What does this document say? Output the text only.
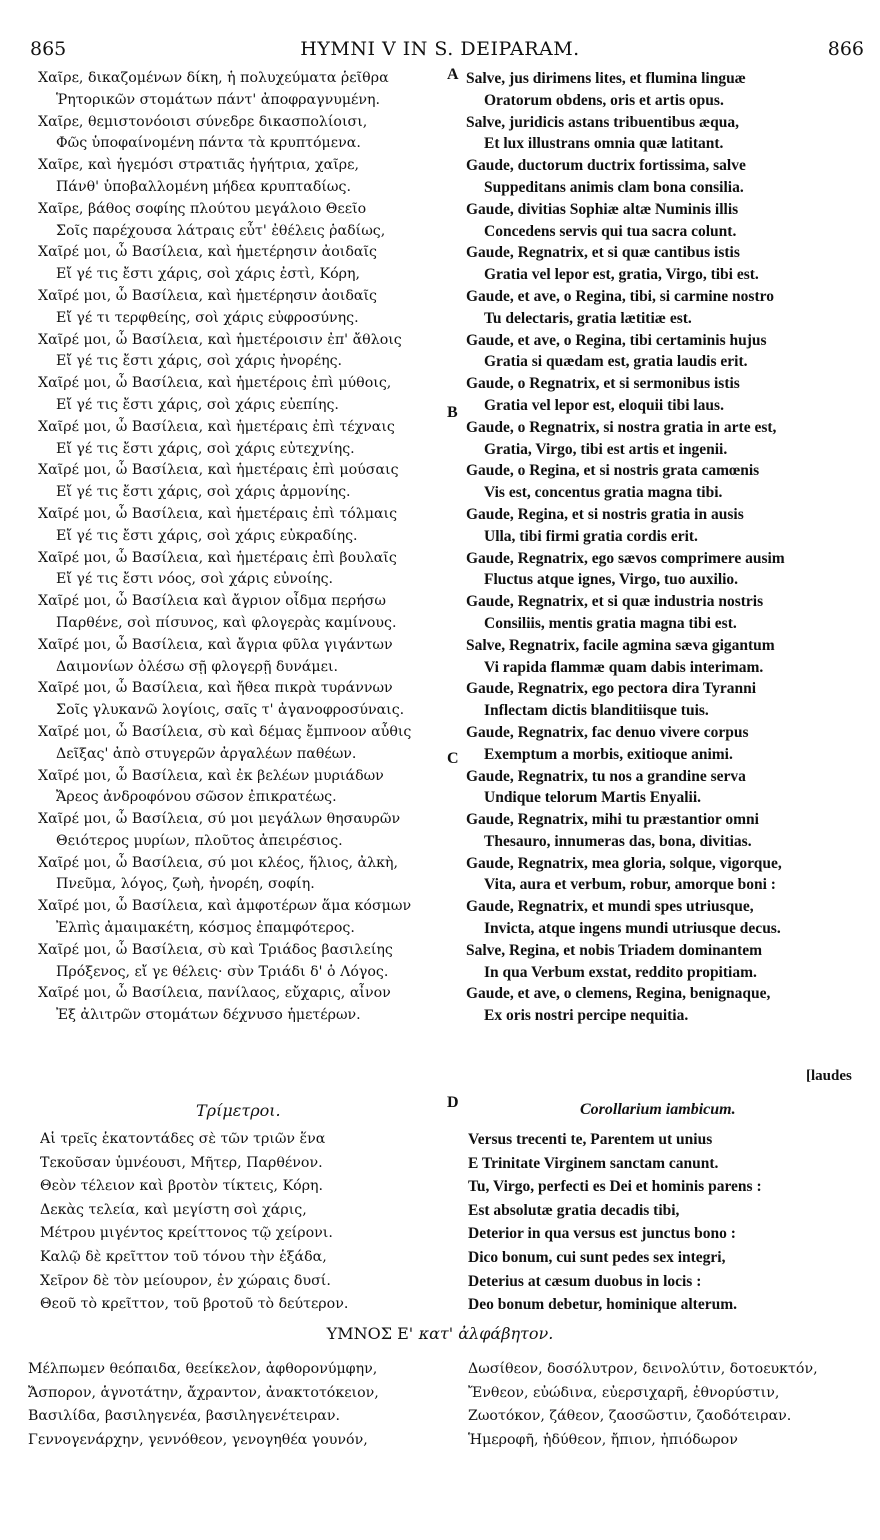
865	HYMNI V IN S. DEIPARAM.	866
Χαῖρε, δικαζομένων δίκη, ἡ πολυχεύματα ῥεῖθρα
Ῥητορικῶν στομάτων πάντ' ἀποφραγνυμένη.
Χαῖρε, θεμιστονόοισι σύνεδρε δικασπολίοισι,
Φῶς ὑποφαίνομένη πάντα τὰ κρυπτόμενα.
Χαῖρε, καὶ ἡγεμόσι στρατιᾶς ἡγήτρια, χαῖρε,
Πάνθ' ὑποβαλλομένη μήδεα κρυπταδίως.
Χαῖρε, βάθος σοφίης πλούτου μεγάλοιο Θεεῖο
Σοῖς παρέχουσα λάτραις εὖτ' ἐθέλεις ῥαδίως,
Χαῖρέ μοι, ὦ Βασίλεια, καὶ ἡμετέρησιν ἀοιδαῖς
Εἴ γέ τις ἔστι χάρις, σοὶ χάρις ἐστὶ, Κόρη,
Χαῖρέ μοι, ὦ Βασίλεια, καὶ ἡμετέρησιν ἀοιδαῖς
Εἴ γέ τι τερφθείης, σοὶ χάρις εὐφροσύνης.
Χαῖρέ μοι, ὦ Βασίλεια, καὶ ἡμετέροισιν ἐπ' ἄθλοις
Εἴ γέ τις ἔστι χάρις, σοὶ χάρις ἠνορέης.
Χαῖρέ μοι, ὦ Βασίλεια, καὶ ἡμετέροις ἐπὶ μύθοις,
Εἴ γέ τις ἔστι χάρις, σοὶ χάρις εὐεπίης.
Χαῖρέ μοι, ὦ Βασίλεια, καὶ ἡμετέραις ἐπὶ τέχναις
Εἴ γέ τις ἔστι χάρις, σοὶ χάρις εὐτεχνίης.
Χαῖρέ μοι, ὦ Βασίλεια, καὶ ἡμετέραις ἐπὶ μούσαις
Εἴ γέ τις ἔστι χάρις, σοὶ χάρις ἁρμονίης.
Χαῖρέ μοι, ὦ Βασίλεια, καὶ ἡμετέραις ἐπὶ τόλμαις
Εἴ γέ τις ἔστι χάρις, σοὶ χάρις εὐκραδίης.
Χαῖρέ μοι, ὦ Βασίλεια, καὶ ἡμετέραις ἐπὶ βουλαῖς
Εἴ γέ τις ἔστι νόος, σοὶ χάρις εὐνοίης.
Χαῖρέ μοι, ὦ Βασίλεια καὶ ἄγριον οἶδμα περήσω
Παρθένε, σοὶ πίσυνος, καὶ φλογερὰς καμίνους.
Χαῖρέ μοι, ὦ Βασίλεια, καὶ ἄγρια φῦλα γιγάντων
Δαιμονίων ὀλέσω σῇ φλογερῇ δυνάμει.
Χαῖρέ μοι, ὦ Βασίλεια, καὶ ἤθεα πικρὰ τυράννων
Σοῖς γλυκανῶ λογίοις, σαῖς τ' ἀγανοφροσύναις.
Χαῖρέ μοι, ὦ Βασίλεια, σὺ καὶ δέμας ἔμπνοον αὖθις
Δεῖξας' ἀπὸ στυγερῶν ἀργαλέων παθέων.
Χαῖρέ μοι, ὦ Βασίλεια, καὶ ἐκ βελέων μυριάδων
Ἄρεος ἀνδροφόνου σῶσον ἐπικρατέως.
Χαῖρέ μοι, ὦ Βασίλεια, σύ μοι μεγάλων θησαυρῶν
Θειότερος μυρίων, πλοῦτος ἀπειρέσιος.
Χαῖρέ μοι, ὦ Βασίλεια, σύ μοι κλέος, ἥλιος, ἀλκὴ,
Πνεῦμα, λόγος, ζωὴ, ἠνορέη, σοφίη.
Χαῖρέ μοι, ὦ Βασίλεια, καὶ ἀμφοτέρων ἅμα κόσμων
Ἐλπὶς ἀμαιμακέτη, κόσμος ἐπαμφότερος.
Χαῖρέ μοι, ὦ Βασίλεια, σὺ καὶ Τριάδος βασιλείης
Πρόξενος, εἴ γε θέλεις· σὺν Τριάδι δ' ὁ Λόγος.
Χαῖρέ μοι, ὦ Βασίλεια, πανίλαος, εὔχαρις, αἶνον
Ἐξ ἀλιτρῶν στομάτων δέχνυσο ἡμετέρων.
Salve, jus dirimens lites, et flumina linguæ
Oratorum obdens, oris et artis opus.
Salve, juridicis astans tribuentibus æqua,
Et lux illustrans omnia quæ latitant.
Gaude, ductorum ductrix fortissima, salve
Suppeditans animis clam bona consilia.
Gaude, divitias Sophiæ altæ Numinis illis
Concedens servis qui tua sacra colunt.
Gaude, Regnatrix, et si quæ cantibus istis
Gratia vel lepor est, gratia, Virgo, tibi est.
Gaude, et ave, o Regina, tibi, si carmine nostro
Tu delectaris, gratia lætitiæ est.
Gaude, et ave, o Regina, tibi certaminis hujus
Gratia si quædam est, gratia laudis erit.
Gaude, o Regnatrix, et si sermonibus istis
Gratia vel lepor est, eloquii tibi laus.
Gaude, o Regnatrix, si nostra gratia in arte est,
Gratia, Virgo, tibi est artis et ingenii.
Gaude, o Regina, et si nostris grata camœnis
Vis est, concentus gratia magna tibi.
Gaude, Regina, et si nostris gratia in ausis
Ulla, tibi firmi gratia cordis erit.
Gaude, Regnatrix, ego sævos comprimere ausim
Fluctus atque ignes, Virgo, tuo auxilio.
Gaude, Regnatrix, et si quæ industria nostris
Consiliis, mentis gratia magna tibi est.
Salve, Regnatrix, facile agmina sæva gigantum
Vi rapida flammæ quam dabis interimam.
Gaude, Regnatrix, ego pectora dira Tyranni
Inflectam dictis blanditiisque tuis.
Gaude, Regnatrix, fac denuo vivere corpus
Exemptum a morbis, exitioque animi.
Gaude, Regnatrix, tu nos a grandine serva
Undique telorum Martis Enyalii.
Gaude, Regnatrix, mihi tu præstantior omni
Thesauro, innumeras das, bona, divitias.
Gaude, Regnatrix, mea gloria, solque, vigorque,
Vita, aura et verbum, robur, amorque boni :
Gaude, Regnatrix, et mundi spes utriusque,
Invicta, atque ingens mundi utriusque decus.
Salve, Regina, et nobis Triadem dominantem
In qua Verbum exstat, reddito propitiam.
Gaude, et ave, o clemens, Regina, benignaque,
Ex oris nostri percipe nequitia.
A
B
C
D
[laudes
Τρίμετροι.	Corollarium iambicum.
Αἱ τρεῖς ἑκατοντάδες σὲ τῶν τριῶν ἕνα
Τεκοῦσαν ὑμνέουσι, Μῆτερ, Παρθένον.
Θεὸν τέλειον καὶ βροτὸν τίκτεις, Κόρη.
Δεκὰς τελεία, καὶ μεγίστη σοὶ χάρις,
Μέτρου μιγέντος κρείττονος τῷ χείρονι.
Καλῷ δὲ κρεῖττον τοῦ τόνου τὴν ἑξάδα,
Χεῖρον δὲ τὸν μείουρον, ἐν χώραις δυσί.
Θεοῦ τὸ κρεῖττον, τοῦ βροτοῦ τὸ δεύτερον.
Versus trecenti te, Parentem ut unius
E Trinitate Virginem sanctam canunt.
Tu, Virgo, perfecti es Dei et hominis parens :
Est absolutæ gratia decadis tibi,
Deterior in qua versus est junctus bono :
Dico bonum, cui sunt pedes sex integri,
Deterius at cæsum duobus in locis :
Deo bonum debetur, hominique alterum.
ΥΜΝΟΣ Ε' κατ' ἀλφάβητον.
Μέλπωμεν θεόπαιδα, θεείκελον, ἀφθορονύμφην,
Ἄσπορον, ἁγνοτάτην, ἄχραντον, ἀνακτοτόκειον,
Βασιλίδα, βασιληγενέα, βασιληγενέτειραν.
Γεννογενάρχην, γεννόθεον, γενογηθέα γουνόν,
Δωσίθεον, δοσόλυτρον, δεινολύτιν, δοτοευκτόν,
Ἔνθεον, εὐώδινα, εὐερσιχαρῆ, ἐθνορύστιν,
Ζωοτόκον, ζάθεον, ζαοσῶστιν, ζαοδότειραν.
Ἡμεροφῆ, ἡδύθεον, ἤπιον, ἠπιόδωρον
